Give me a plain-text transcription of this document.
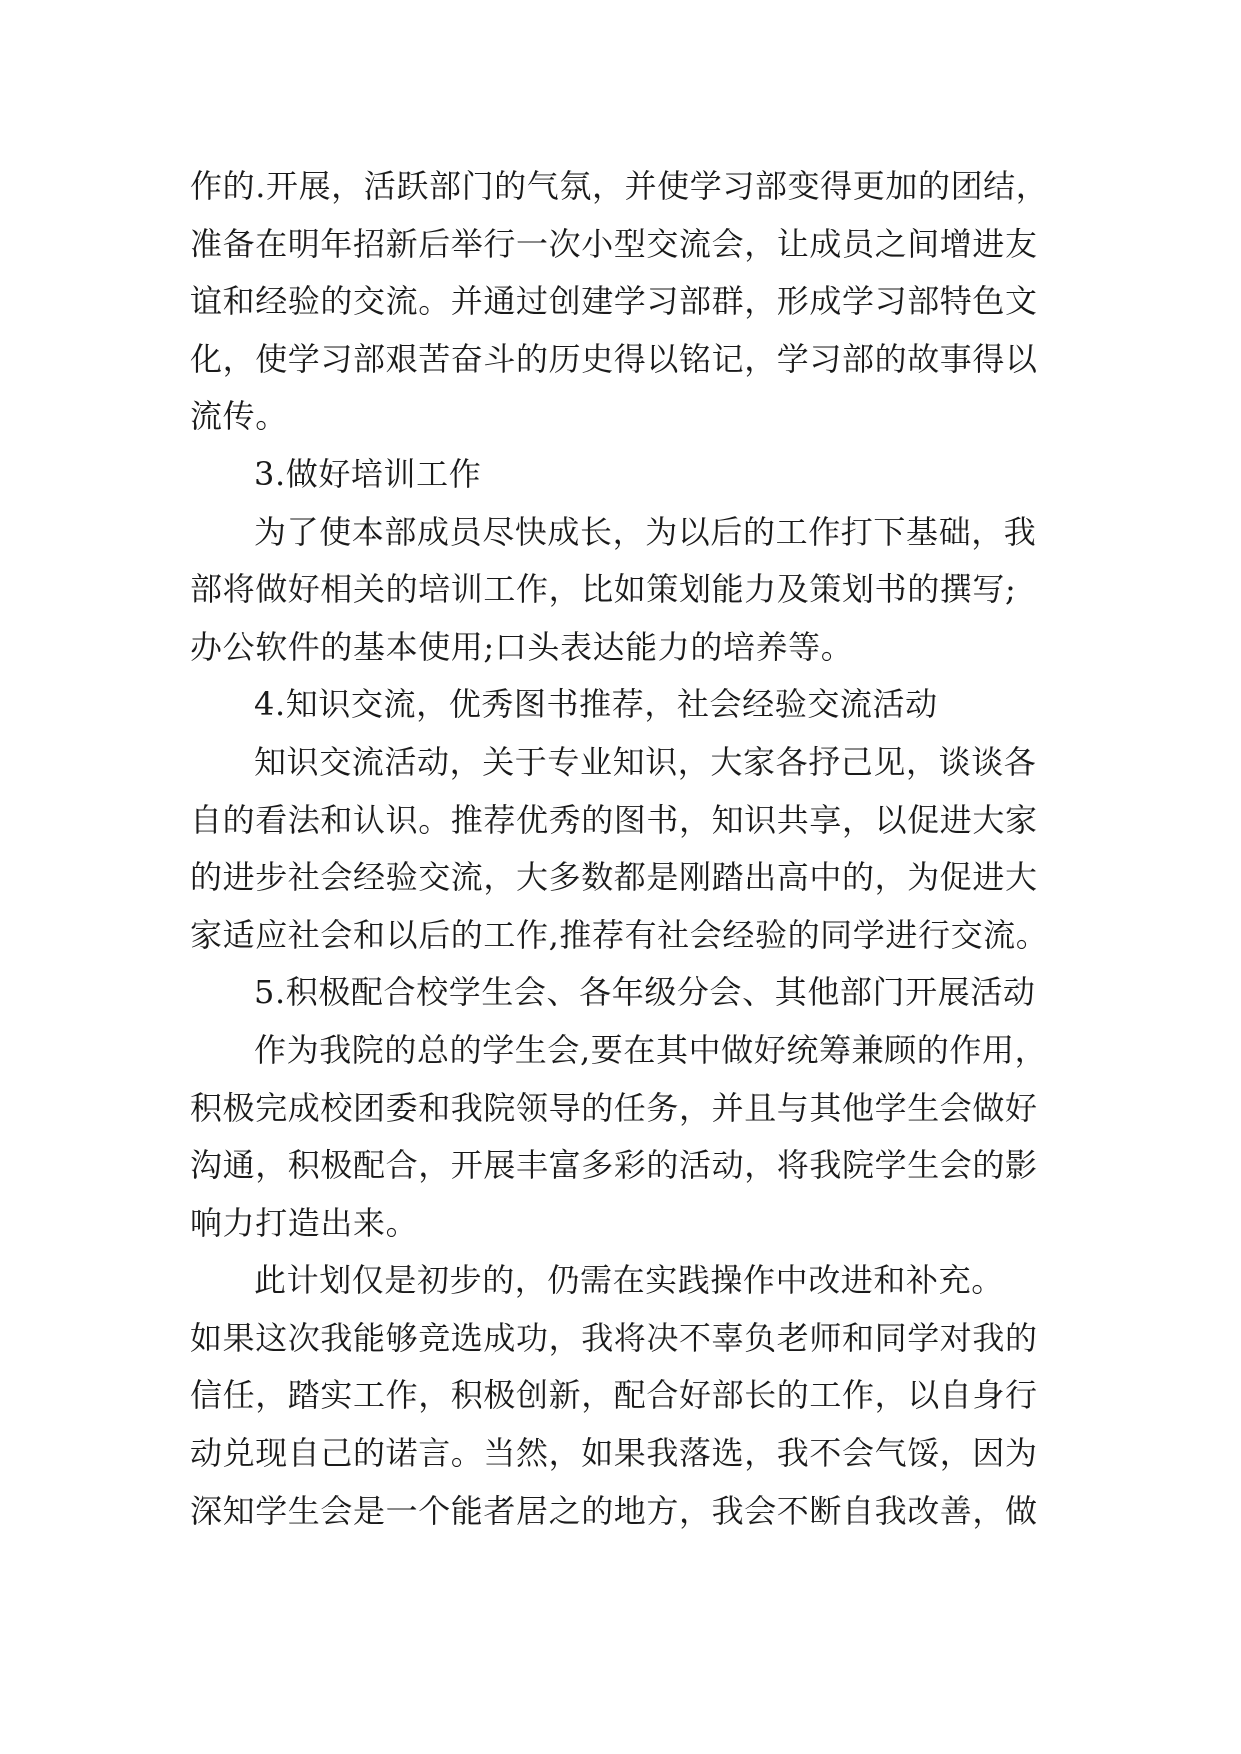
作的.开展，活跃部门的气氛，并使学习部变得更加的团结，
准备在明年招新后举行一次小型交流会，让成员之间增进友
谊和经验的交流。并通过创建学习部群，形成学习部特色文
化，使学习部艰苦奋斗的历史得以铭记，学习部的故事得以
流传。
3.做好培训工作
为了使本部成员尽快成长，为以后的工作打下基础，我
部将做好相关的培训工作，比如策划能力及策划书的撰写;
办公软件的基本使用;口头表达能力的培养等。
4.知识交流，优秀图书推荐，社会经验交流活动
知识交流活动，关于专业知识，大家各抒己见，谈谈各
自的看法和认识。推荐优秀的图书，知识共享，以促进大家
的进步社会经验交流，大多数都是刚踏出高中的，为促进大
家适应社会和以后的工作,推荐有社会经验的同学进行交流。
5.积极配合校学生会、各年级分会、其他部门开展活动
作为我院的总的学生会,要在其中做好统筹兼顾的作用，
积极完成校团委和我院领导的任务，并且与其他学生会做好
沟通，积极配合，开展丰富多彩的活动，将我院学生会的影
响力打造出来。
此计划仅是初步的，仍需在实践操作中改进和补充。
如果这次我能够竞选成功，我将决不辜负老师和同学对我的
信任，踏实工作，积极创新，配合好部长的工作，以自身行
动兑现自己的诺言。当然，如果我落选，我不会气馁，因为
深知学生会是一个能者居之的地方，我会不断自我改善，做
